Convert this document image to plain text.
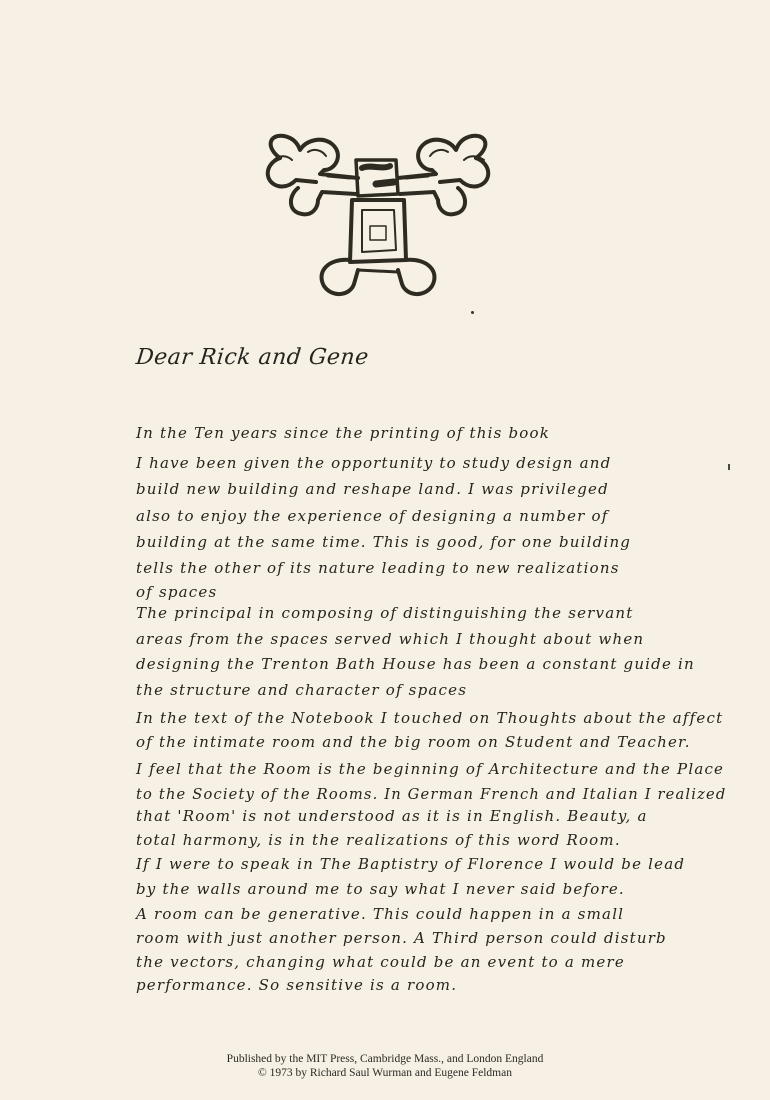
Dear Rick and Gene
In the Ten years since the printing of this book
I have been given the opportunity to study design and
build new building and reshape land. I was privileged
also to enjoy the experience of designing a number of
building at the same time. This is good, for one building
tells the other of its nature leading to new realizations
of spaces
The principal in composing of distinguishing the servant
areas from the spaces served which I thought about when
designing the Trenton Bath House has been a constant guide in
the structure and character of spaces
In the text of the Notebook I touched on Thoughts about the affect
of the intimate room and the big room on Student and Teacher.
I feel that the Room is the beginning of Architecture and the Place
to the Society of the Rooms. In German French and Italian I realized
that 'Room' is not understood as it is in English. Beauty, a
total harmony, is in the realizations of this word Room.
If I were to speak in The Baptistry of Florence I would be lead
by the walls around me to say what I never said before.
A room can be generative. This could happen in a small
room with just another person. A Third person could disturb
the vectors, changing what could be an event to a mere
performance. So sensitive is a room.
Published by the MIT Press, Cambridge Mass., and London England
© 1973 by Richard Saul Wurman and Eugene Feldman
